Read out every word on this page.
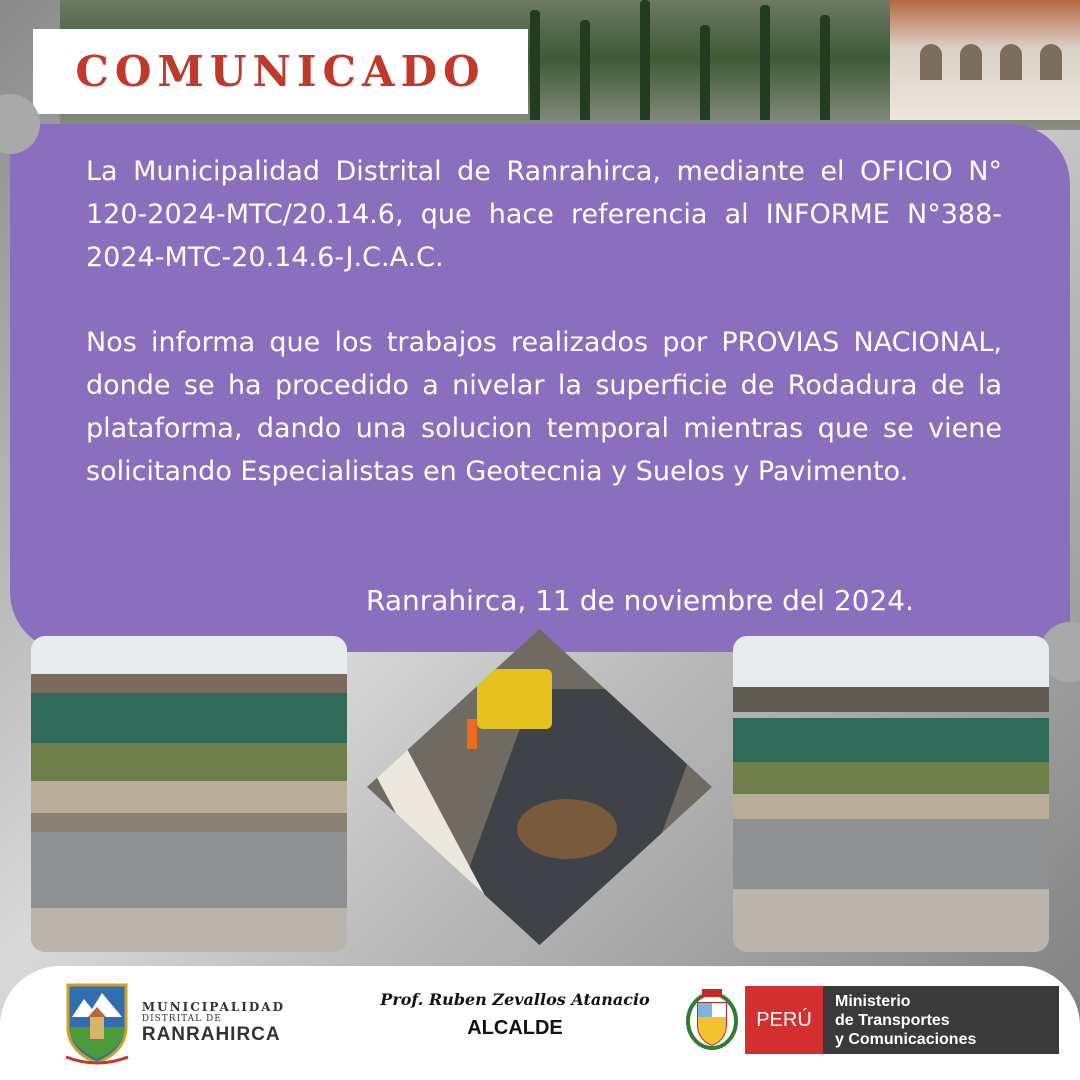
COMUNICADO

La Municipalidad Distrital de Ranrahirca, mediante el OFICIO N° 120-2024-MTC/20.14.6, que hace referencia al INFORME N°388-2024-MTC-20.14.6-J.C.A.C.

Nos informa que los trabajos realizados por PROVIAS NACIONAL, donde se ha procedido a nivelar la superficie de Rodadura de la plataforma, dando una solucion temporal mientras que se viene solicitando Especialistas en Geotecnia y Suelos y Pavimento.

Ranrahirca, 11 de noviembre del 2024.
MUNICIPALIDAD
DISTRITAL DE
RANRAHIRCA
Prof. Ruben Zevallos Atanacio
ALCALDE	PERÚ
Ministerio
de Transportes
y Comunicaciones
